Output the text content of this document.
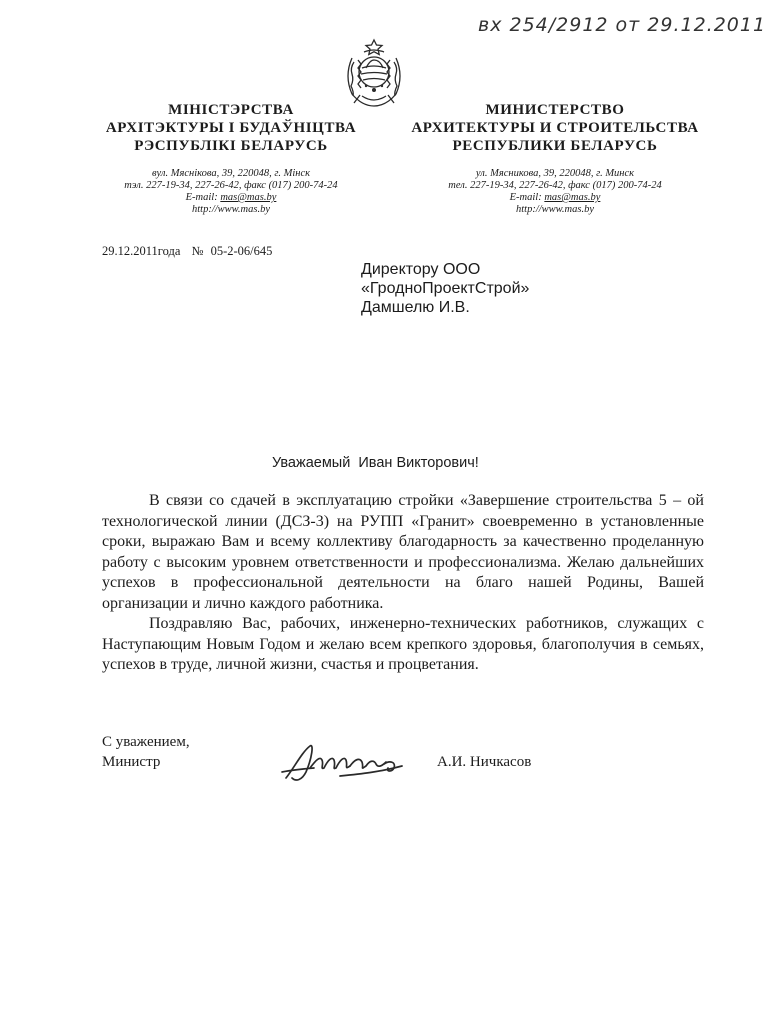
вх 254/2912 от 29.12.2011
МІНІСТЭРСТВА
АРХІТЭКТУРЫ І БУДАЎНІЦТВА
РЭСПУБЛІКІ БЕЛАРУСЬ
вул. Мяснікова, 39, 220048, г. Мінск
тэл. 227-19-34, 227-26-42, факс (017) 200-74-24
E-mail: mas@mas.by
http://www.mas.by
МИНИСТЕРСТВО
АРХИТЕКТУРЫ И СТРОИТЕЛЬСТВА
РЕСПУБЛИКИ БЕЛАРУСЬ
ул. Мясникова, 39, 220048, г. Минск
тел. 227-19-34, 227-26-42, факс (017) 200-74-24
E-mail: mas@mas.by
http://www.mas.by
29.12.2011года № 05-2-06/645
Директору ООО
«ГродноПроектСтрой»
Дамшелю И.В.
Уважаемый  Иван Викторович!

В связи со сдачей в эксплуатацию стройки «Завершение строительства 5 – ой технологической линии (ДСЗ-3) на РУПП «Гранит» своевременно в установленные сроки, выражаю Вам и всему коллективу благодарность за качественно проделанную работу с высоким уровнем ответственности и профессионализма. Желаю дальнейших успехов в профессиональной деятельности на благо нашей Родины, Вашей организации и лично каждого работника.

Поздравляю Вас, рабочих, инженерно-технических работников, служащих с Наступающим Новым Годом и желаю всем крепкого здоровья, благополучия в семьях, успехов в труде, личной жизни, счастья и процветания.

С уважением,
Министр	А.И. Ничкасов
